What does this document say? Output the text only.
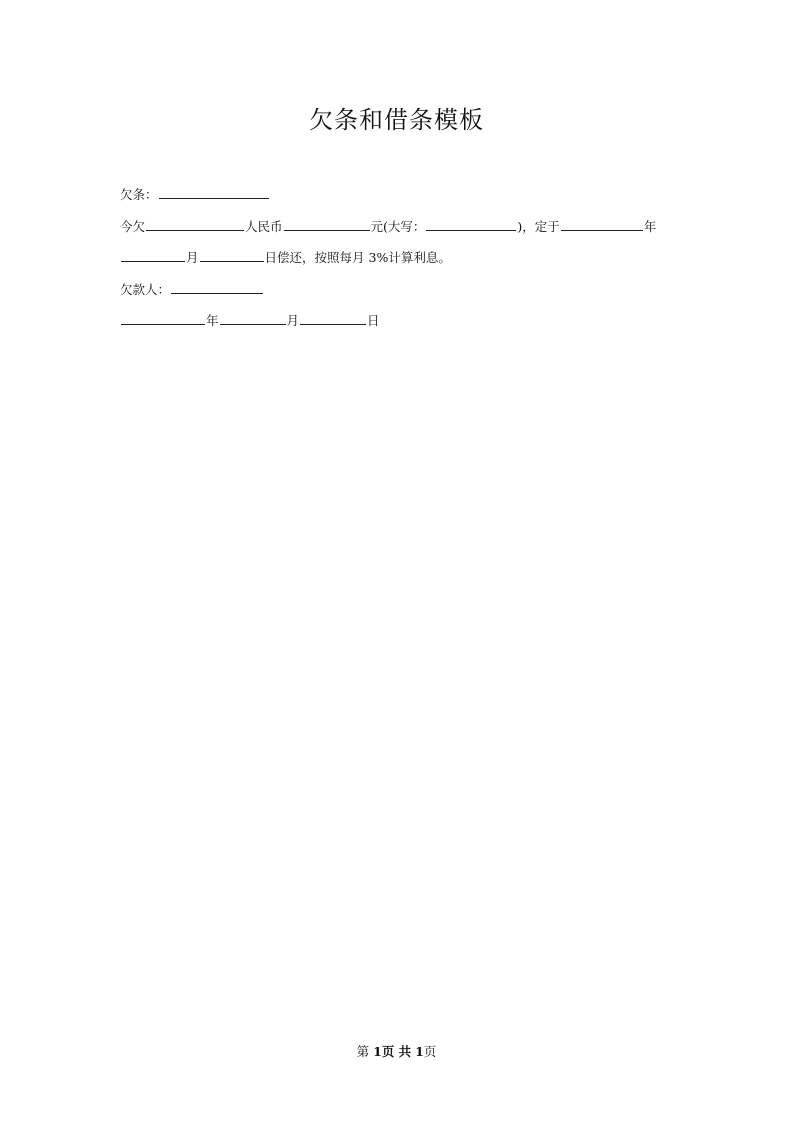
欠条和借条模板
欠条：
今欠	人民币	元(大写：	)，定于	年
月	日偿还，按照每月 3%计算利息。
欠款人：
年	月	日
第 1页 共 1页
